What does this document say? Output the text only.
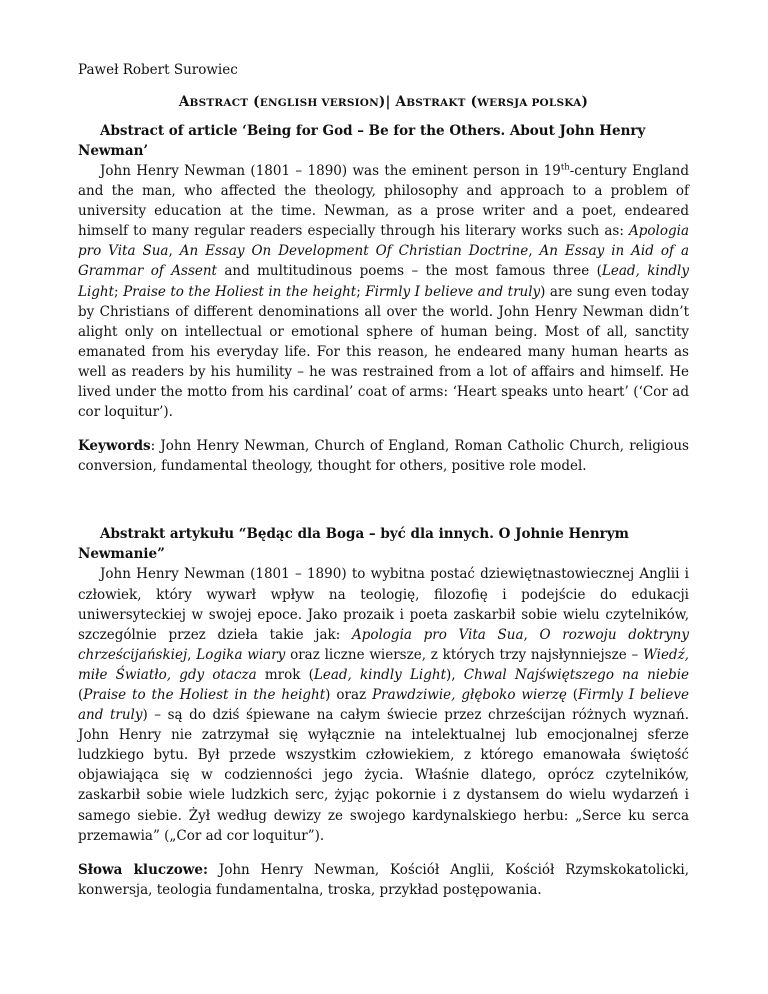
Paweł Robert Surowiec

ABSTRACT (ENGLISH VERSION)| ABSTRAKT (WERSJA POLSKA)

Abstract of article ‘Being for God – Be for the Others. About John Henry Newman’

John Henry Newman (1801 – 1890) was the eminent person in 19th-century England and the man, who affected the theology, philosophy and approach to a problem of university education at the time. Newman, as a prose writer and a poet, endeared himself to many regular readers especially through his literary works such as: Apologia pro Vita Sua, An Essay On Development Of Christian Doctrine, An Essay in Aid of a Grammar of Assent and multitudinous poems – the most famous three (Lead, kindly Light; Praise to the Holiest in the height; Firmly I believe and truly) are sung even today by Christians of different denominations all over the world. John Henry Newman didn’t alight only on intellectual or emotional sphere of human being. Most of all, sanctity emanated from his everyday life. For this reason, he endeared many human hearts as well as readers by his humility – he was restrained from a lot of affairs and himself. He lived under the motto from his cardinal’ coat of arms: ‘Heart speaks unto heart’ (‘Cor ad cor loquitur’).

Keywords: John Henry Newman, Church of England, Roman Catholic Church, religious conversion, fundamental theology, thought for others, positive role model.

Abstrakt artykułu “Będąc dla Boga – być dla innych. O Johnie Henrym Newmanie”

John Henry Newman (1801 – 1890) to wybitna postać dziewiętnastowiecznej Anglii i człowiek, który wywarł wpływ na teologię, filozofię i podejście do edukacji uniwersyteckiej w swojej epoce. Jako prozaik i poeta zaskarbił sobie wielu czytelników, szczególnie przez dzieła takie jak: Apologia pro Vita Sua, O rozwoju doktryny chrześcijańskiej, Logika wiary oraz liczne wiersze, z których trzy najsłynniejsze – Wiedź, miłe Światło, gdy otacza mrok (Lead, kindly Light), Chwal Najświętszego na niebie (Praise to the Holiest in the height) oraz Prawdziwie, głęboko wierzę (Firmly I believe and truly) – są do dziś śpiewane na całym świecie przez chrześcijan różnych wyznań. John Henry nie zatrzymał się wyłącznie na intelektualnej lub emocjonalnej sferze ludzkiego bytu. Był przede wszystkim człowiekiem, z którego emanowała świętość objawiająca się w codzienności jego życia. Właśnie dlatego, oprócz czytelników, zaskarbił sobie wiele ludzkich serc, żyjąc pokornie i z dystansem do wielu wydarzeń i samego siebie. Żył według dewizy ze swojego kardynalskiego herbu: „Serce ku serca przemawia” („Cor ad cor loquitur”).

Słowa kluczowe: John Henry Newman, Kościół Anglii, Kościół Rzymskokatolicki, konwersja, teologia fundamentalna, troska, przykład postępowania.
